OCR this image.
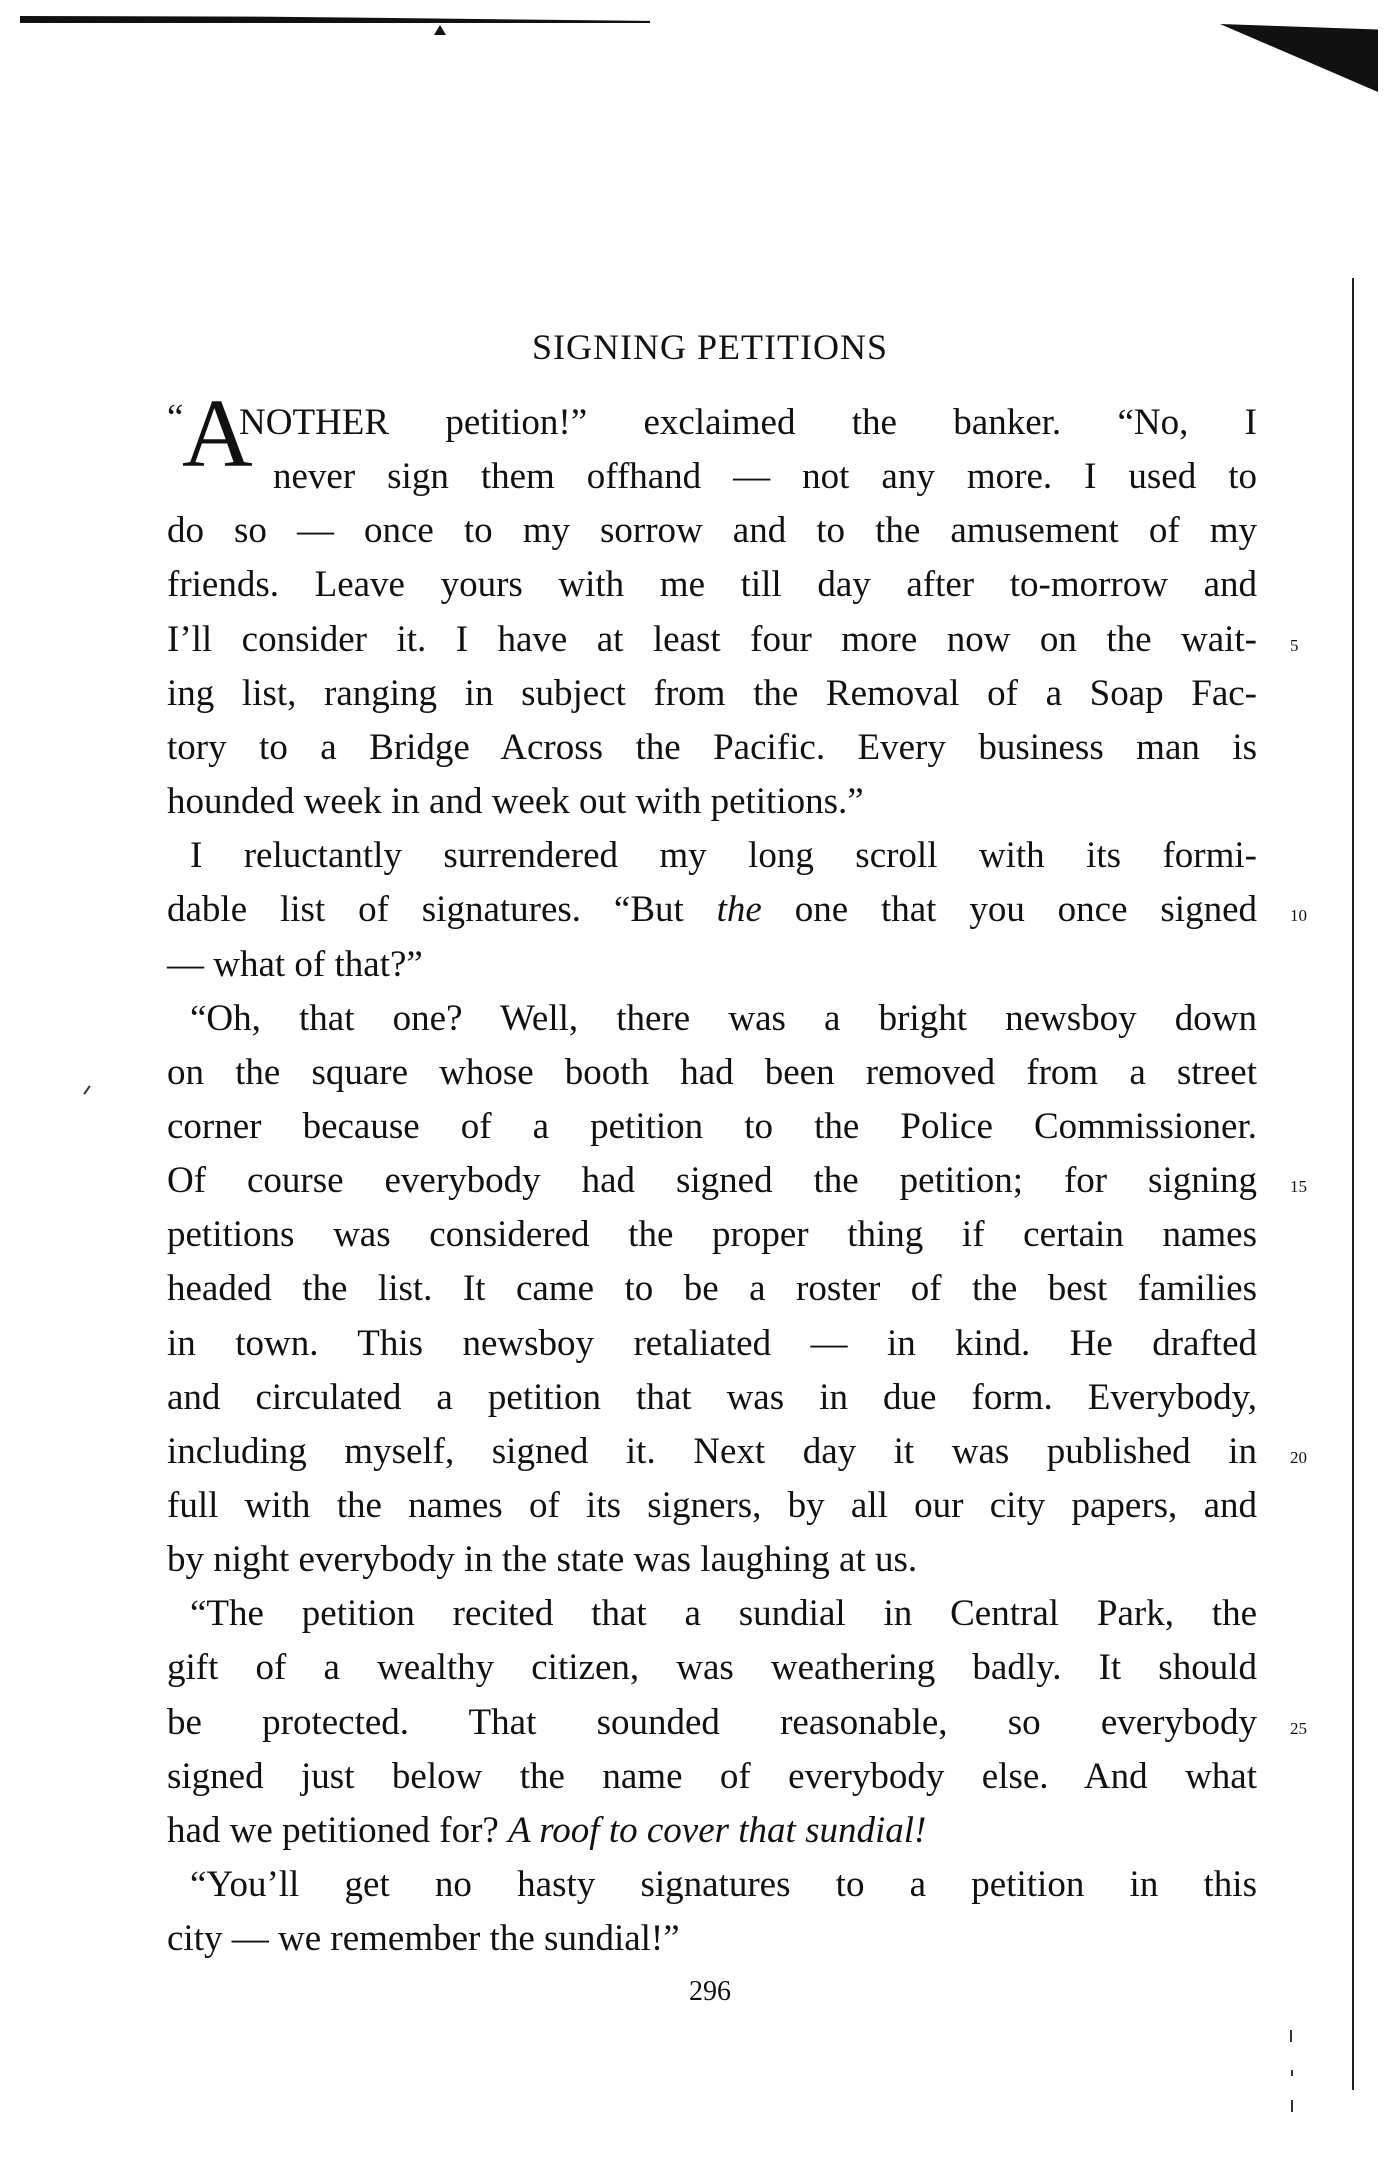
SIGNING PETITIONS
“
A
NOTHER petition!” exclaimed the banker. “No, I
never sign them offhand — not any more. I used to
do so — once to my sorrow and to the amusement of my
friends. Leave yours with me till day after to-morrow and
I’ll consider it. I have at least four more now on the wait-
ing list, ranging in subject from the Removal of a Soap Fac-
tory to a Bridge Across the Pacific. Every business man is
hounded week in and week out with petitions.”
I reluctantly surrendered my long scroll with its formi-
dable list of signatures. “But the one that you once signed
— what of that?”
“Oh, that one? Well, there was a bright newsboy down
on the square whose booth had been removed from a street
corner because of a petition to the Police Commissioner.
Of course everybody had signed the petition; for signing
petitions was considered the proper thing if certain names
headed the list. It came to be a roster of the best families
in town. This newsboy retaliated — in kind. He drafted
and circulated a petition that was in due form. Everybody,
including myself, signed it. Next day it was published in
full with the names of its signers, by all our city papers, and
by night everybody in the state was laughing at us.
“The petition recited that a sundial in Central Park, the
gift of a wealthy citizen, was weathering badly. It should
be protected. That sounded reasonable, so everybody
signed just below the name of everybody else. And what
had we petitioned for? A roof to cover that sundial!
“You’ll get no hasty signatures to a petition in this
city — we remember the sundial!”
5
10
15
20
25
296
